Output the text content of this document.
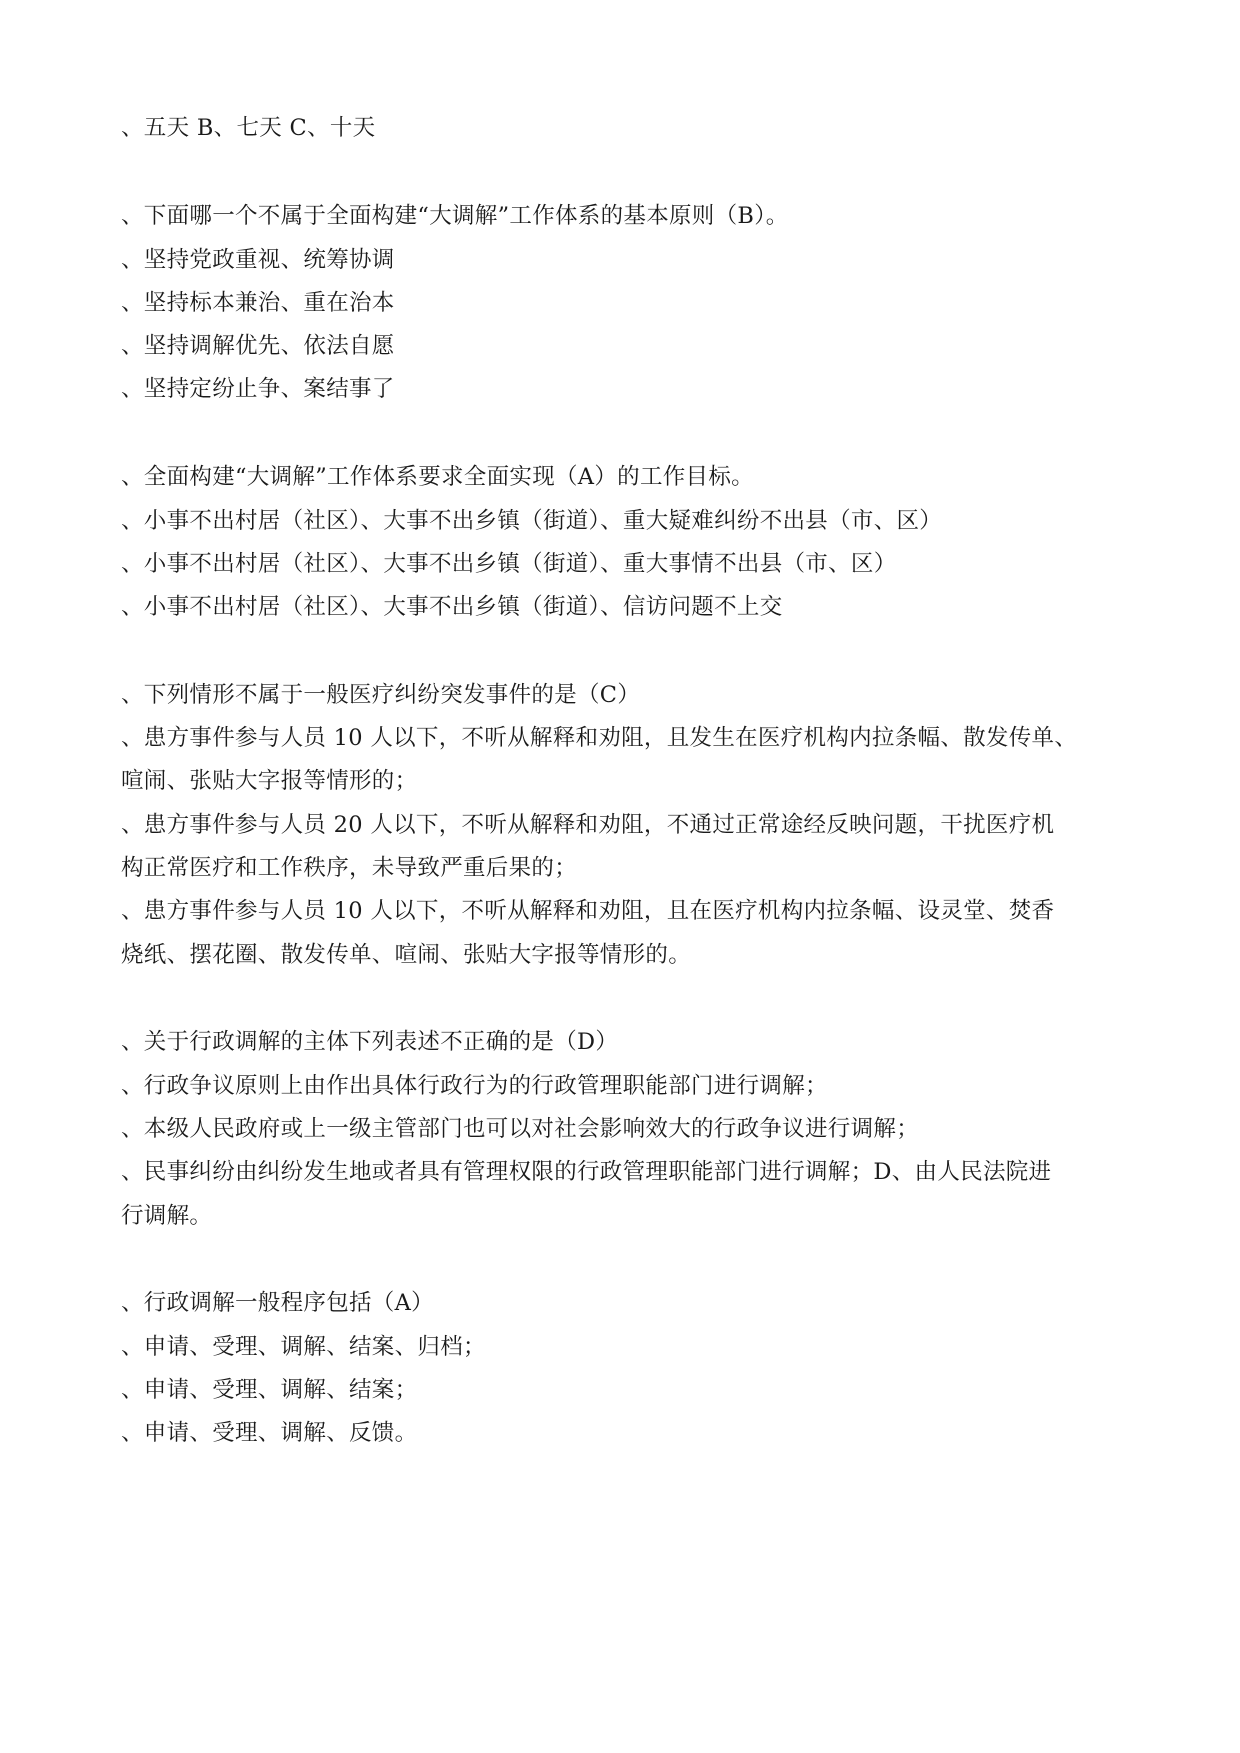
、五天 B、七天 C、十天
、下面哪一个不属于全面构建“大调解”工作体系的基本原则（B）。
、坚持党政重视、统筹协调
、坚持标本兼治、重在治本
、坚持调解优先、依法自愿
、坚持定纷止争、案结事了
、全面构建“大调解”工作体系要求全面实现（A）的工作目标。
、小事不出村居（社区）、大事不出乡镇（街道）、重大疑难纠纷不出县（市、区）
、小事不出村居（社区）、大事不出乡镇（街道）、重大事情不出县（市、区）
、小事不出村居（社区）、大事不出乡镇（街道）、信访问题不上交
、下列情形不属于一般医疗纠纷突发事件的是（C）
、患方事件参与人员 10 人以下，不听从解释和劝阻，且发生在医疗机构内拉条幅、散发传单、
喧闹、张贴大字报等情形的；
、患方事件参与人员 20 人以下，不听从解释和劝阻，不通过正常途经反映问题，干扰医疗机
构正常医疗和工作秩序，未导致严重后果的；
、患方事件参与人员 10 人以下，不听从解释和劝阻，且在医疗机构内拉条幅、设灵堂、焚香
烧纸、摆花圈、散发传单、喧闹、张贴大字报等情形的。
、关于行政调解的主体下列表述不正确的是（D）
、行政争议原则上由作出具体行政行为的行政管理职能部门进行调解；
、本级人民政府或上一级主管部门也可以对社会影响效大的行政争议进行调解；
、民事纠纷由纠纷发生地或者具有管理权限的行政管理职能部门进行调解；D、由人民法院进
行调解。
、行政调解一般程序包括（A）
、申请、受理、调解、结案、归档；
、申请、受理、调解、结案；
、申请、受理、调解、反馈。
